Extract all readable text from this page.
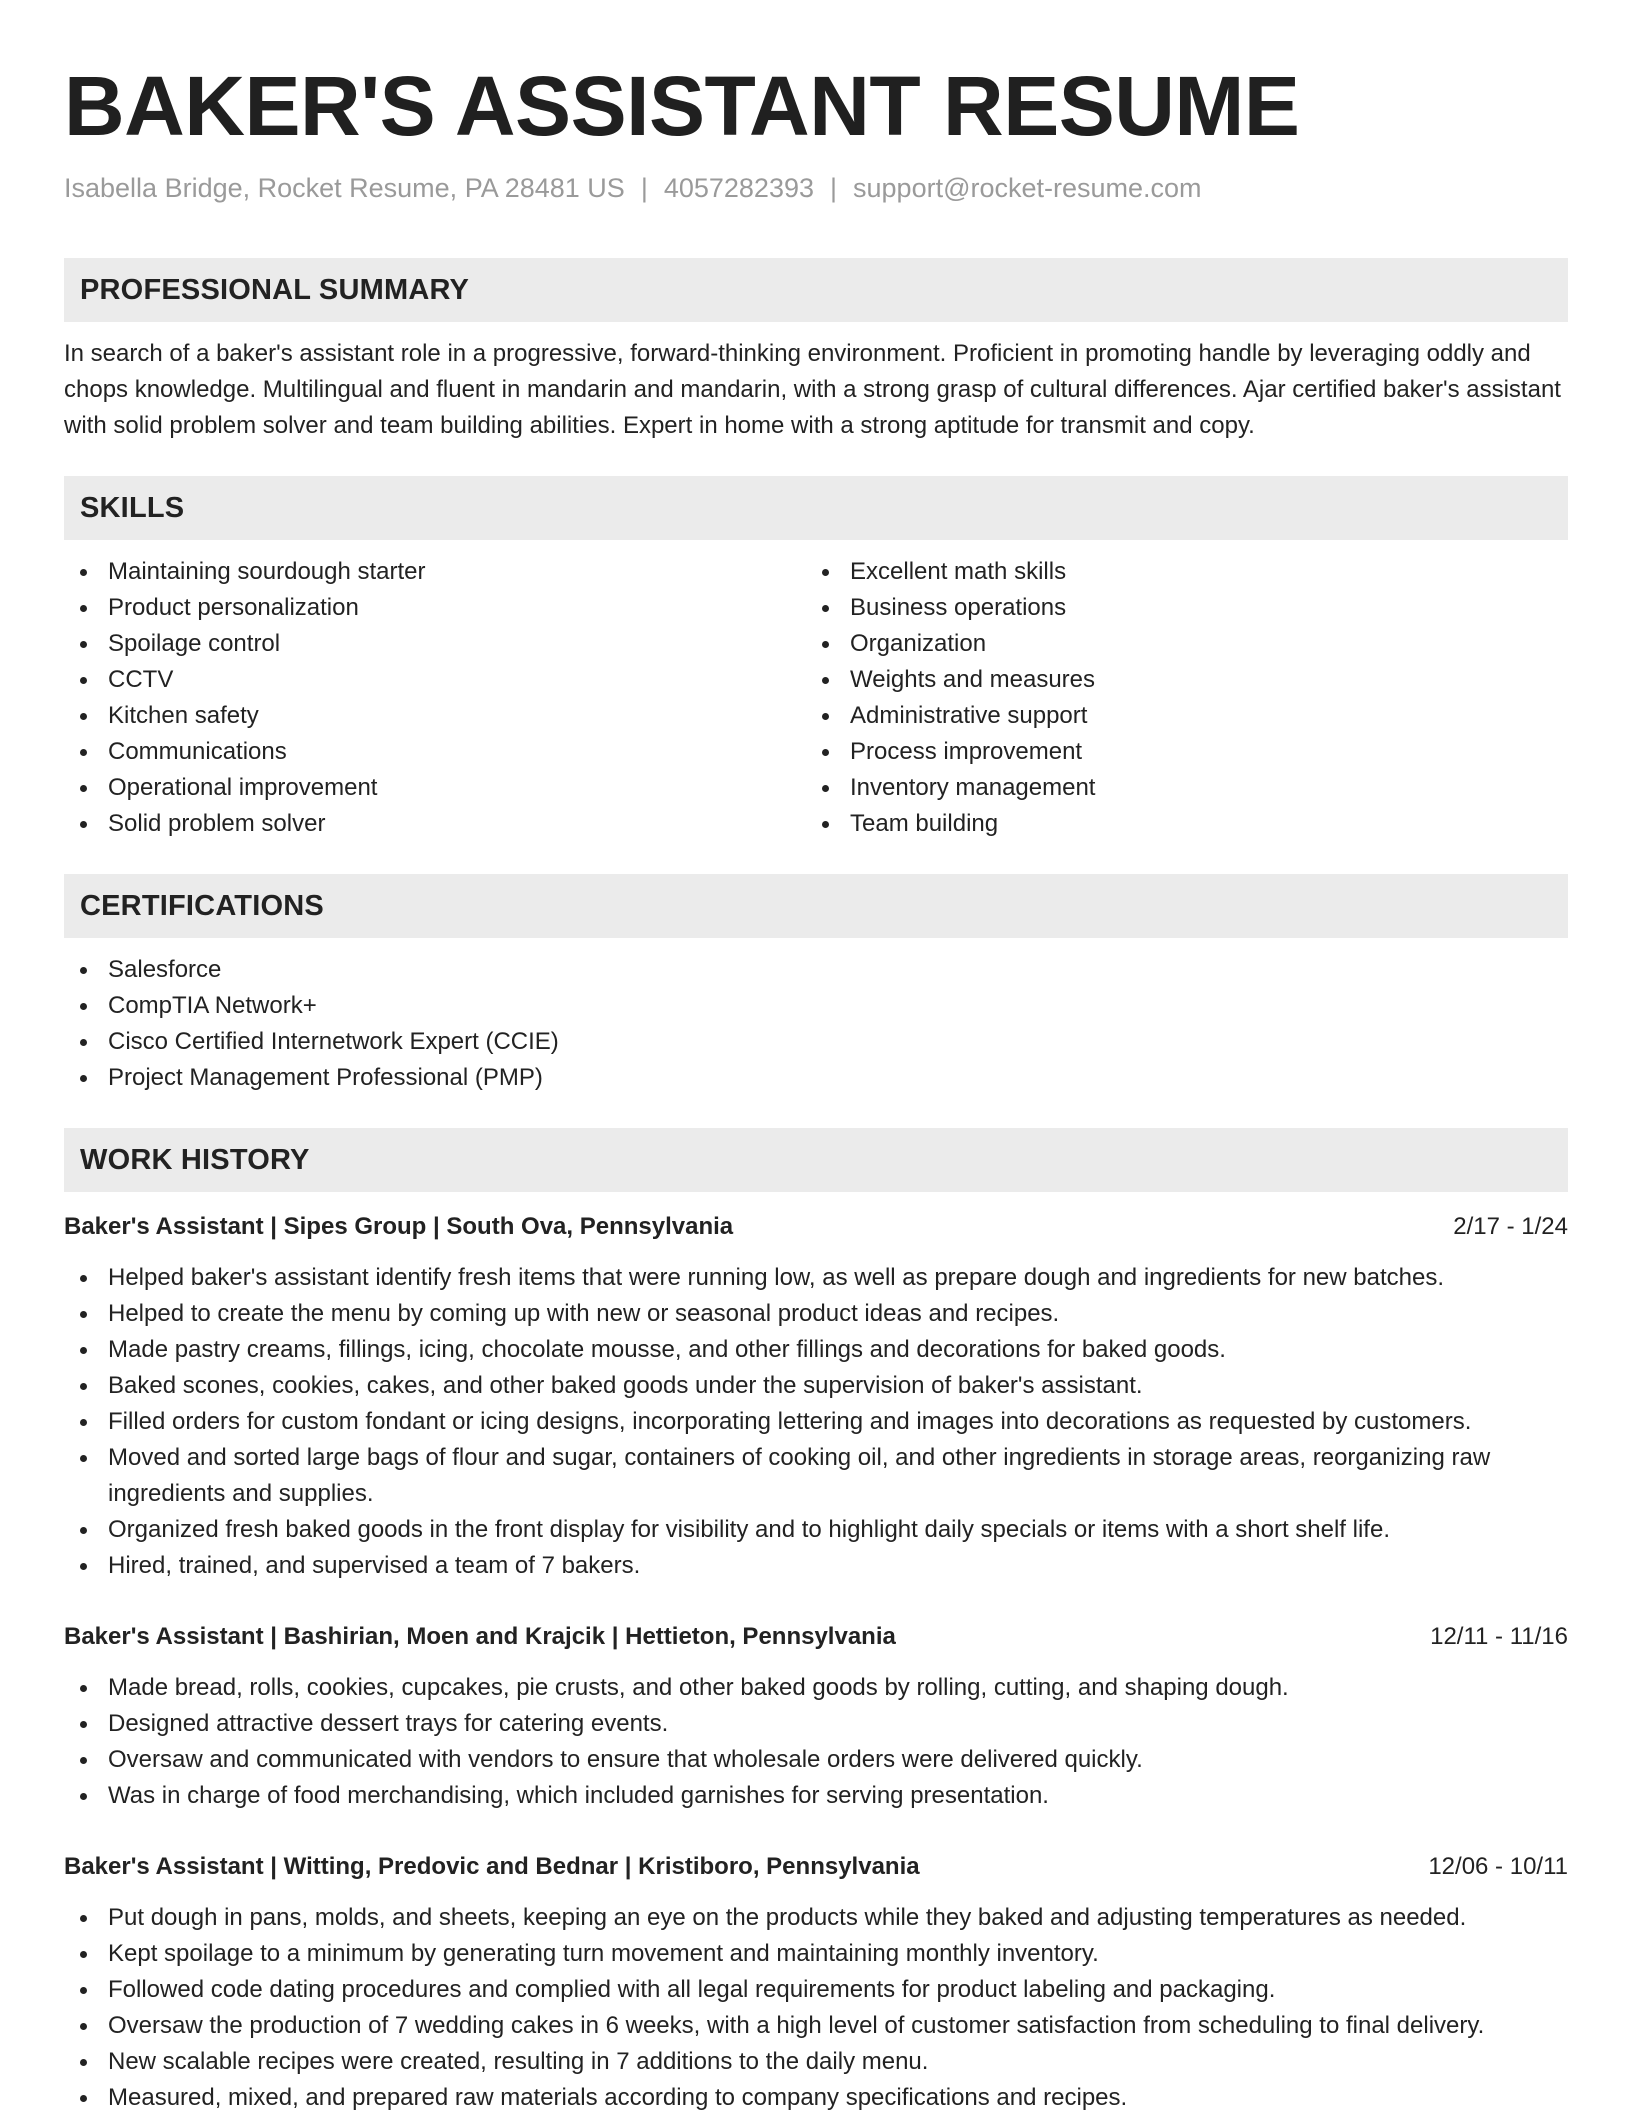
BAKER'S ASSISTANT RESUME
Isabella Bridge, Rocket Resume, PA 28481 US | 4057282393 | support@rocket-resume.com
PROFESSIONAL SUMMARY

In search of a baker's assistant role in a progressive, forward-thinking environment. Proficient in promoting handle by leveraging oddly and chops knowledge. Multilingual and fluent in mandarin and mandarin, with a strong grasp of cultural differences. Ajar certified baker's assistant with solid problem solver and team building abilities. Expert in home with a strong aptitude for transmit and copy.

SKILLS
Maintaining sourdough starter
Product personalization
Spoilage control
CCTV
Kitchen safety
Communications
Operational improvement
Solid problem solver
Excellent math skills
Business operations
Organization
Weights and measures
Administrative support
Process improvement
Inventory management
Team building
CERTIFICATIONS
Salesforce
CompTIA Network+
Cisco Certified Internetwork Expert (CCIE)
Project Management Professional (PMP)
WORK HISTORY
Baker's Assistant | Sipes Group | South Ova, Pennsylvania	2/17 - 1/24
Helped baker's assistant identify fresh items that were running low, as well as prepare dough and ingredients for new batches.
Helped to create the menu by coming up with new or seasonal product ideas and recipes.
Made pastry creams, fillings, icing, chocolate mousse, and other fillings and decorations for baked goods.
Baked scones, cookies, cakes, and other baked goods under the supervision of baker's assistant.
Filled orders for custom fondant or icing designs, incorporating lettering and images into decorations as requested by customers.
Moved and sorted large bags of flour and sugar, containers of cooking oil, and other ingredients in storage areas, reorganizing raw ingredients and supplies.
Organized fresh baked goods in the front display for visibility and to highlight daily specials or items with a short shelf life.
Hired, trained, and supervised a team of 7 bakers.
Baker's Assistant | Bashirian, Moen and Krajcik | Hettieton, Pennsylvania	12/11 - 11/16
Made bread, rolls, cookies, cupcakes, pie crusts, and other baked goods by rolling, cutting, and shaping dough.
Designed attractive dessert trays for catering events.
Oversaw and communicated with vendors to ensure that wholesale orders were delivered quickly.
Was in charge of food merchandising, which included garnishes for serving presentation.
Baker's Assistant | Witting, Predovic and Bednar | Kristiboro, Pennsylvania	12/06 - 10/11
Put dough in pans, molds, and sheets, keeping an eye on the products while they baked and adjusting temperatures as needed.
Kept spoilage to a minimum by generating turn movement and maintaining monthly inventory.
Followed code dating procedures and complied with all legal requirements for product labeling and packaging.
Oversaw the production of 7 wedding cakes in 6 weeks, with a high level of customer satisfaction from scheduling to final delivery.
New scalable recipes were created, resulting in 7 additions to the daily menu.
Measured, mixed, and prepared raw materials according to company specifications and recipes.
